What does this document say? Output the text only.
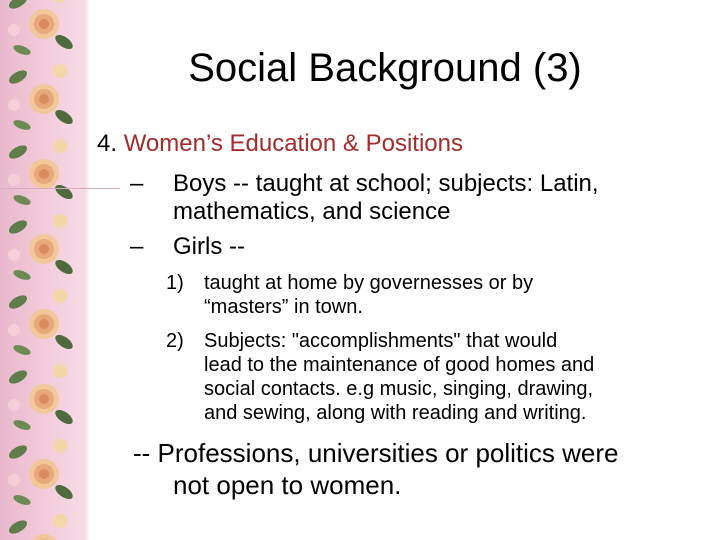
Social Background (3)
4. Women’s Education & Positions
– Boys -- taught at school; subjects: Latin,
mathematics, and science
– Girls --
1) taught at home by governesses or by
“masters” in town.
2) Subjects: "accomplishments" that would
lead to the maintenance of good homes and
social contacts. e.g music, singing, drawing,
and sewing, along with reading and writing.
-- Professions, universities or politics were
not open to women.
